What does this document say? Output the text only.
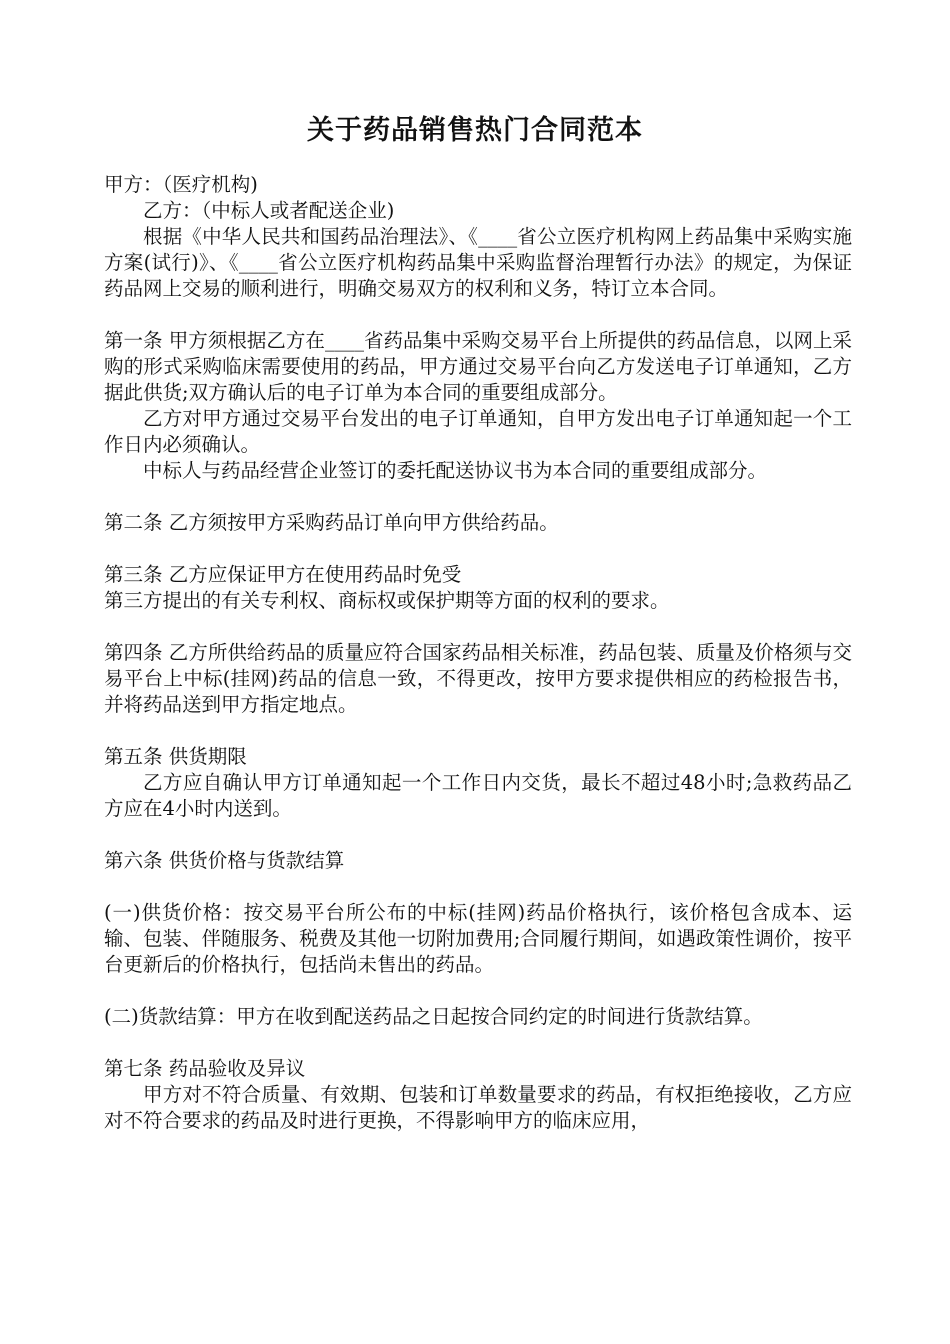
关于药品销售热门合同范本

甲方：（医疗机构)

乙方：（中标人或者配送企业)

根据《中华人民共和国药品治理法》、《____省公立医疗机构网上药品集中采购实施方案(试行)》、《____省公立医疗机构药品集中采购监督治理暂行办法》的规定，为保证药品网上交易的顺利进行，明确交易双方的权利和义务，特订立本合同。

第一条 甲方须根据乙方在____省药品集中采购交易平台上所提供的药品信息，以网上采购的形式采购临床需要使用的药品，甲方通过交易平台向乙方发送电子订单通知，乙方据此供货;双方确认后的电子订单为本合同的重要组成部分。

乙方对甲方通过交易平台发出的电子订单通知，自甲方发出电子订单通知起一个工作日内必须确认。

中标人与药品经营企业签订的委托配送协议书为本合同的重要组成部分。

第二条 乙方须按甲方采购药品订单向甲方供给药品。

第三条 乙方应保证甲方在使用药品时免受

第三方提出的有关专利权、商标权或保护期等方面的权利的要求。

第四条 乙方所供给药品的质量应符合国家药品相关标准，药品包装、质量及价格须与交易平台上中标(挂网)药品的信息一致，不得更改，按甲方要求提供相应的药检报告书，并将药品送到甲方指定地点。

第五条 供货期限

乙方应自确认甲方订单通知起一个工作日内交货，最长不超过48小时;急救药品乙方应在4小时内送到。

第六条 供货价格与货款结算

(一)供货价格：按交易平台所公布的中标(挂网)药品价格执行，该价格包含成本、运输、包装、伴随服务、税费及其他一切附加费用;合同履行期间，如遇政策性调价，按平台更新后的价格执行，包括尚未售出的药品。

(二)货款结算：甲方在收到配送药品之日起按合同约定的时间进行货款结算。

第七条 药品验收及异议

甲方对不符合质量、有效期、包装和订单数量要求的药品，有权拒绝接收，乙方应对不符合要求的药品及时进行更换，不得影响甲方的临床应用，
